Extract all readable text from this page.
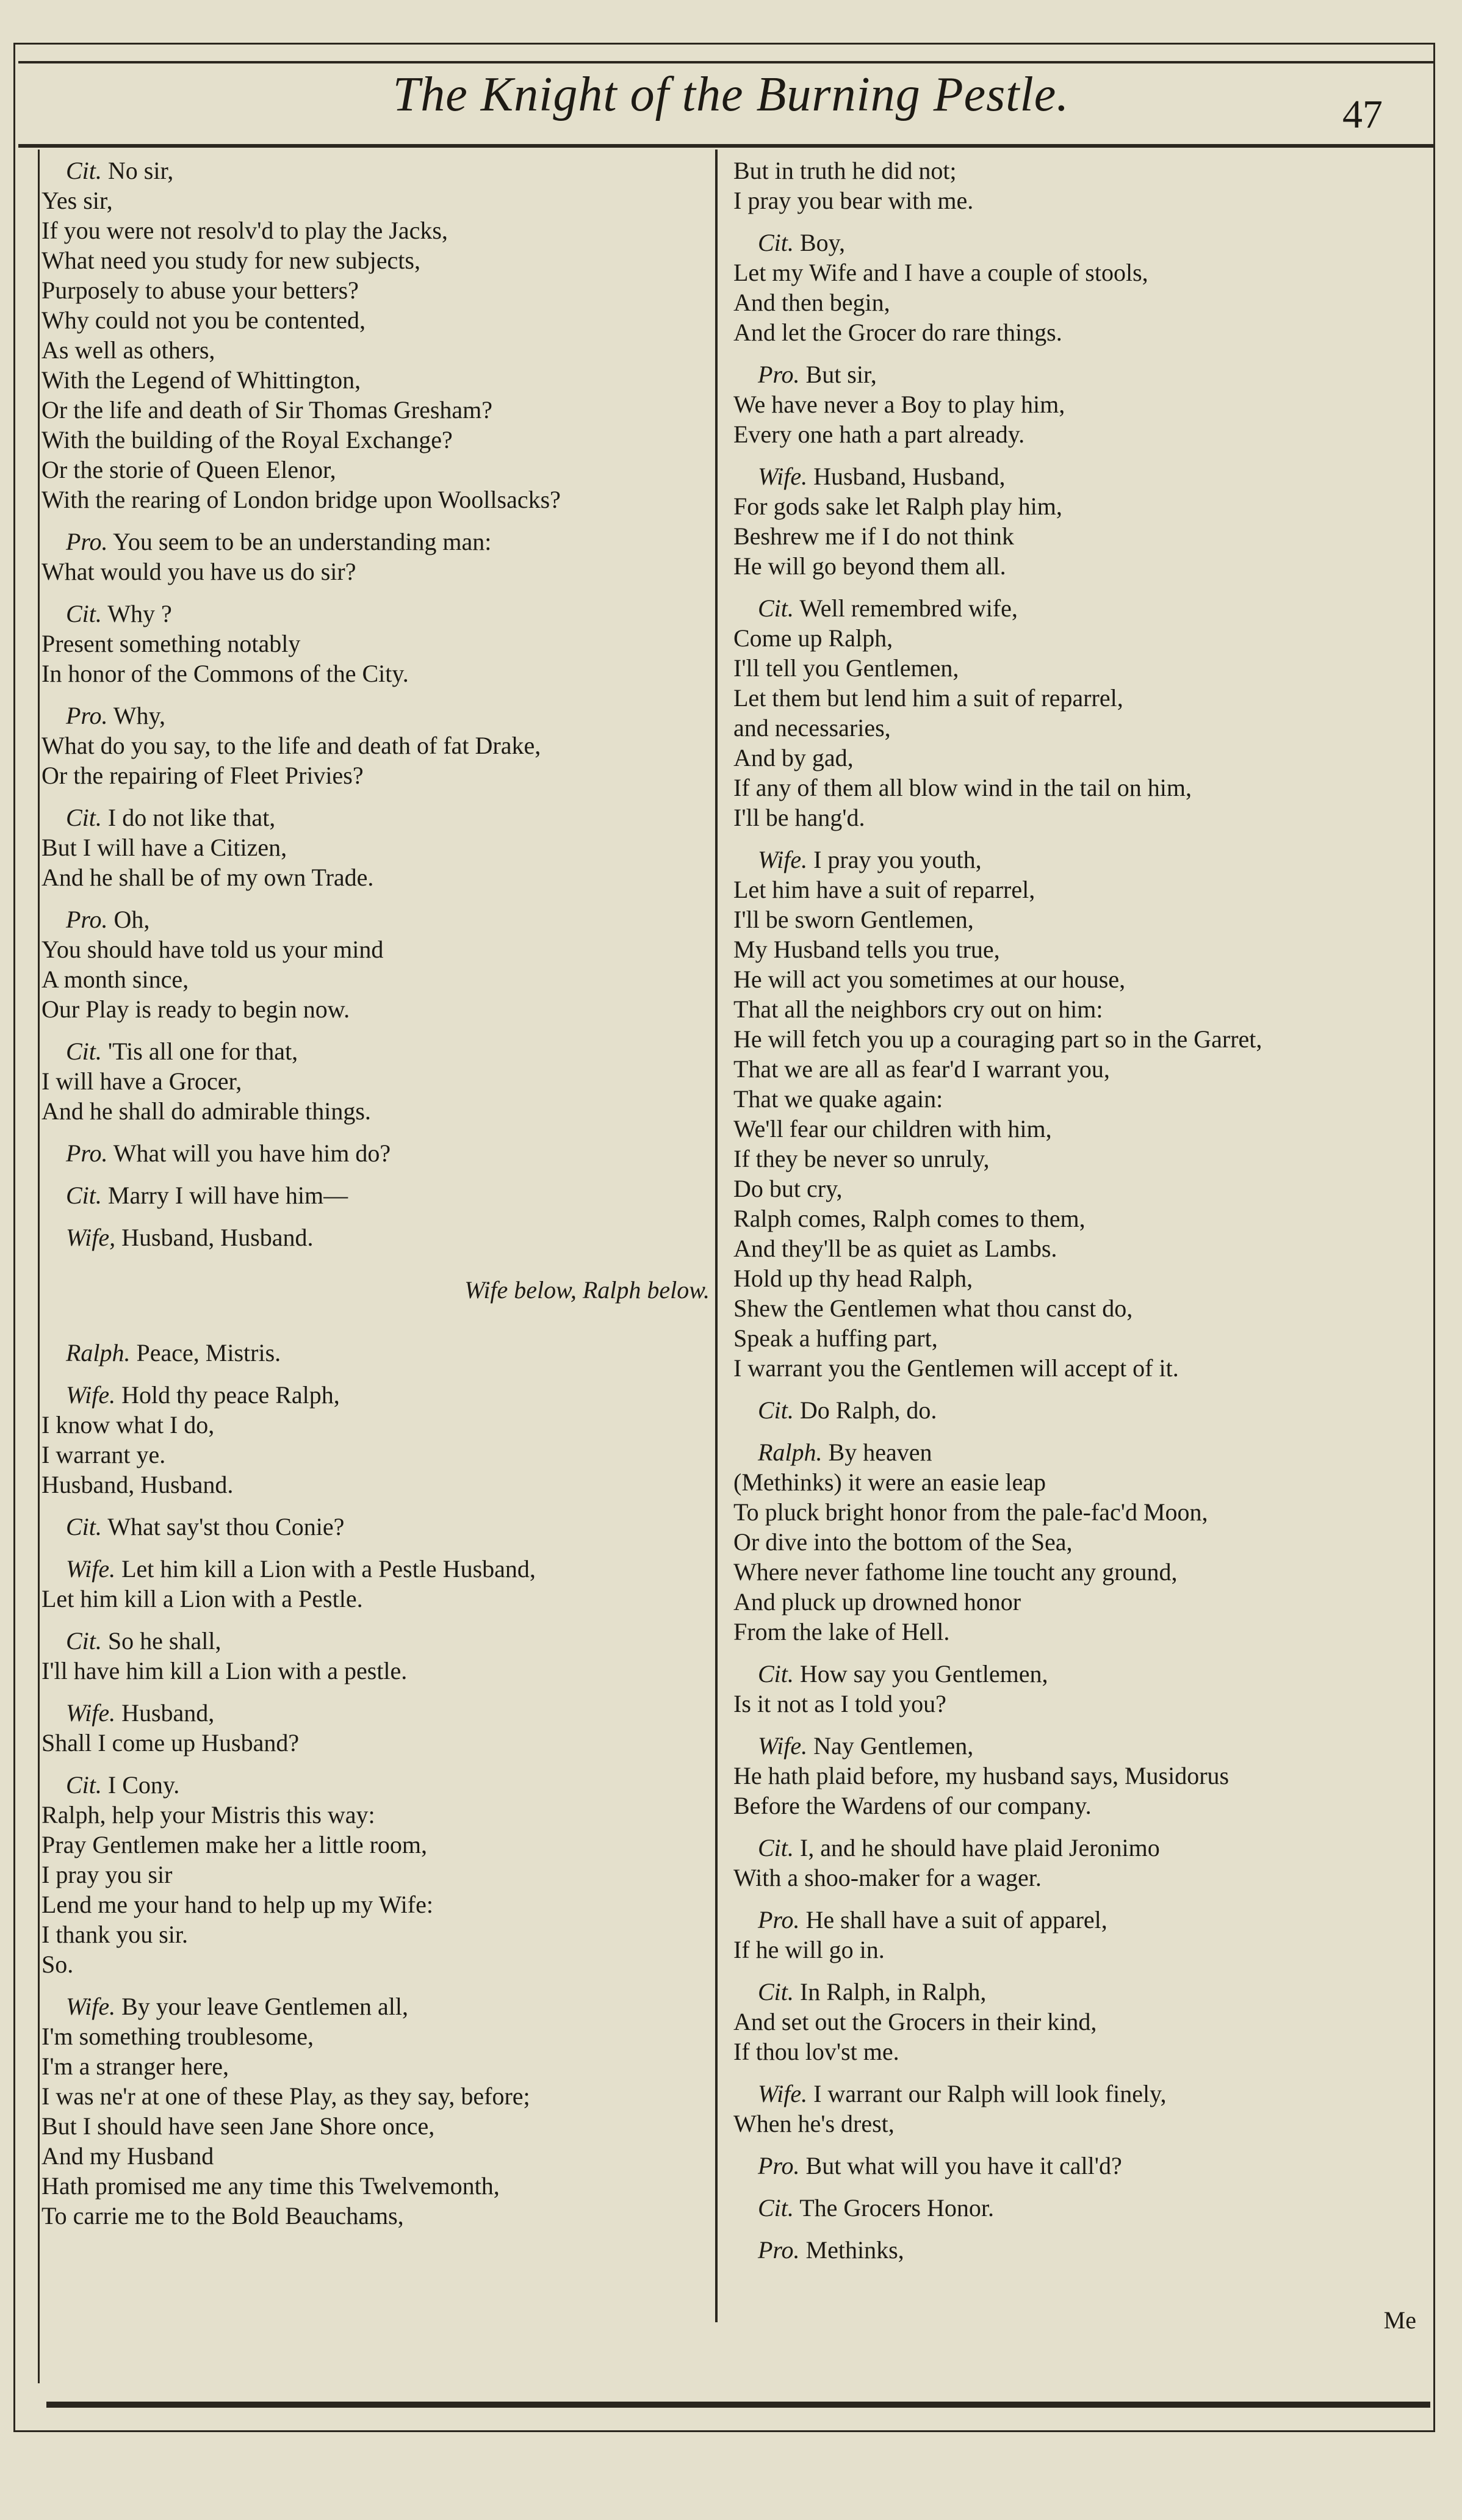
The Knight of the Burning Pestle.	47
Cit. No sir,
Yes sir,
If you were not resolv'd to play the Jacks,
What need you study for new subjects,
Purposely to abuse your betters?
Why could not you be contented,
As well as others,
With the Legend of Whittington,
Or the life and death of Sir Thomas Gresham?
With the building of the Royal Exchange?
Or the storie of Queen Elenor,
With the rearing of London bridge upon Woollsacks?
Pro. You seem to be an understanding man:
What would you have us do sir?
Cit. Why ?
Present something notably
In honor of the Commons of the City.
Pro. Why,
What do you say, to the life and death of fat Drake,
Or the repairing of Fleet Privies?
Cit. I do not like that,
But I will have a Citizen,
And he shall be of my own Trade.
Pro. Oh,
You should have told us your mind
A month since,
Our Play is ready to begin now.
Cit. 'Tis all one for that,
I will have a Grocer,
And he shall do admirable things.
Pro. What will you have him do?
Cit. Marry I will have him—
Wife, Husband, Husband.
Wife below, Ralph below.
Ralph. Peace, Mistris.
Wife. Hold thy peace Ralph,
I know what I do,
I warrant ye.
Husband, Husband.
Cit. What say'st thou Conie?
Wife. Let him kill a Lion with a Pestle Husband,
Let him kill a Lion with a Pestle.
Cit. So he shall,
I'll have him kill a Lion with a pestle.
Wife. Husband,
Shall I come up Husband?
Cit. I Cony.
Ralph, help your Mistris this way:
Pray Gentlemen make her a little room,
I pray you sir
Lend me your hand to help up my Wife:
I thank you sir.
So.
Wife. By your leave Gentlemen all,
I'm something troublesome,
I'm a stranger here,
I was ne'r at one of these Play, as they say, before;
But I should have seen Jane Shore once,
And my Husband
Hath promised me any time this Twelvemonth,
To carrie me to the Bold Beauchams,
But in truth he did not;
I pray you bear with me.
Cit. Boy,
Let my Wife and I have a couple of stools,
And then begin,
And let the Grocer do rare things.
Pro. But sir,
We have never a Boy to play him,
Every one hath a part already.
Wife. Husband, Husband,
For gods sake let Ralph play him,
Beshrew me if I do not think
He will go beyond them all.
Cit. Well remembred wife,
Come up Ralph,
I'll tell you Gentlemen,
Let them but lend him a suit of reparrel,
and necessaries,
And by gad,
If any of them all blow wind in the tail on him,
I'll be hang'd.
Wife. I pray you youth,
Let him have a suit of reparrel,
I'll be sworn Gentlemen,
My Husband tells you true,
He will act you sometimes at our house,
That all the neighbors cry out on him:
He will fetch you up a couraging part so in the Garret,
That we are all as fear'd I warrant you,
That we quake again:
We'll fear our children with him,
If they be never so unruly,
Do but cry,
Ralph comes, Ralph comes to them,
And they'll be as quiet as Lambs.
Hold up thy head Ralph,
Shew the Gentlemen what thou canst do,
Speak a huffing part,
I warrant you the Gentlemen will accept of it.
Cit. Do Ralph, do.
Ralph. By heaven
(Methinks) it were an easie leap
To pluck bright honor from the pale-fac'd Moon,
Or dive into the bottom of the Sea,
Where never fathome line toucht any ground,
And pluck up drowned honor
From the lake of Hell.
Cit. How say you Gentlemen,
Is it not as I told you?
Wife. Nay Gentlemen,
He hath plaid before, my husband says, Musidorus
Before the Wardens of our company.
Cit. I, and he should have plaid Jeronimo
With a shoo-maker for a wager.
Pro. He shall have a suit of apparel,
If he will go in.
Cit. In Ralph, in Ralph,
And set out the Grocers in their kind,
If thou lov'st me.
Wife. I warrant our Ralph will look finely,
When he's drest,
Pro. But what will you have it call'd?
Cit. The Grocers Honor.
Pro. Methinks,
Me
